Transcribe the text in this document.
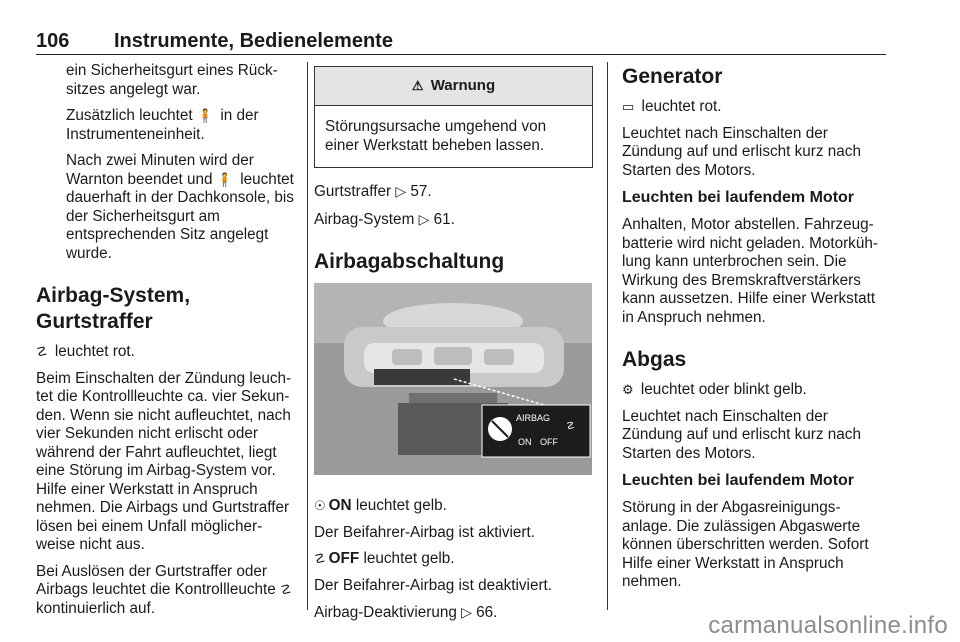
106 Instrumente, Bedienelemente

ein Sicherheitsgurt eines Rück-sitzes angelegt war.

Zusätzlich leuchtet 🧍 in der Instrumenteneinheit.

Nach zwei Minuten wird der Warnton beendet und 🧍 leuchtet dauerhaft in der Dachkonsole, bis der Sicherheitsgurt am entsprechenden Sitz angelegt wurde.

Airbag-System, Gurtstraffer

☡ leuchtet rot.

Beim Einschalten der Zündung leuch-tet die Kontrollleuchte ca. vier Sekun-den. Wenn sie nicht aufleuchtet, nach vier Sekunden nicht erlischt oder während der Fahrt aufleuchtet, liegt eine Störung im Airbag-System vor. Hilfe einer Werkstatt in Anspruch nehmen. Die Airbags und Gurtstraffer lösen bei einem Unfall möglicher-weise nicht aus.

Bei Auslösen der Gurtstraffer oder Airbags leuchtet die Kontrollleuchte ☡ kontinuierlich auf.

⚠ Warnung
Störungsursache umgehend von einer Werkstatt beheben lassen.

Gurtstraffer ▷ 57.

Airbag-System ▷ 61.

Airbagabschaltung
AIRBAG
ON OFF
☡

☉ ON leuchtet gelb.

Der Beifahrer-Airbag ist aktiviert.

☡ OFF leuchtet gelb.

Der Beifahrer-Airbag ist deaktiviert.

Airbag-Deaktivierung ▷ 66.

Generator

▭ leuchtet rot.

Leuchtet nach Einschalten der Zündung auf und erlischt kurz nach Starten des Motors.

Leuchten bei laufendem Motor

Anhalten, Motor abstellen. Fahrzeug-batterie wird nicht geladen. Motorküh-lung kann unterbrochen sein. Die Wirkung des Bremskraftverstärkers kann aussetzen. Hilfe einer Werkstatt in Anspruch nehmen.

Abgas

⚙ leuchtet oder blinkt gelb.

Leuchtet nach Einschalten der Zündung auf und erlischt kurz nach Starten des Motors.

Leuchten bei laufendem Motor

Störung in der Abgasreinigungs-anlage. Die zulässigen Abgaswerte können überschritten werden. Sofort Hilfe einer Werkstatt in Anspruch nehmen.

carmanualsonline.info
